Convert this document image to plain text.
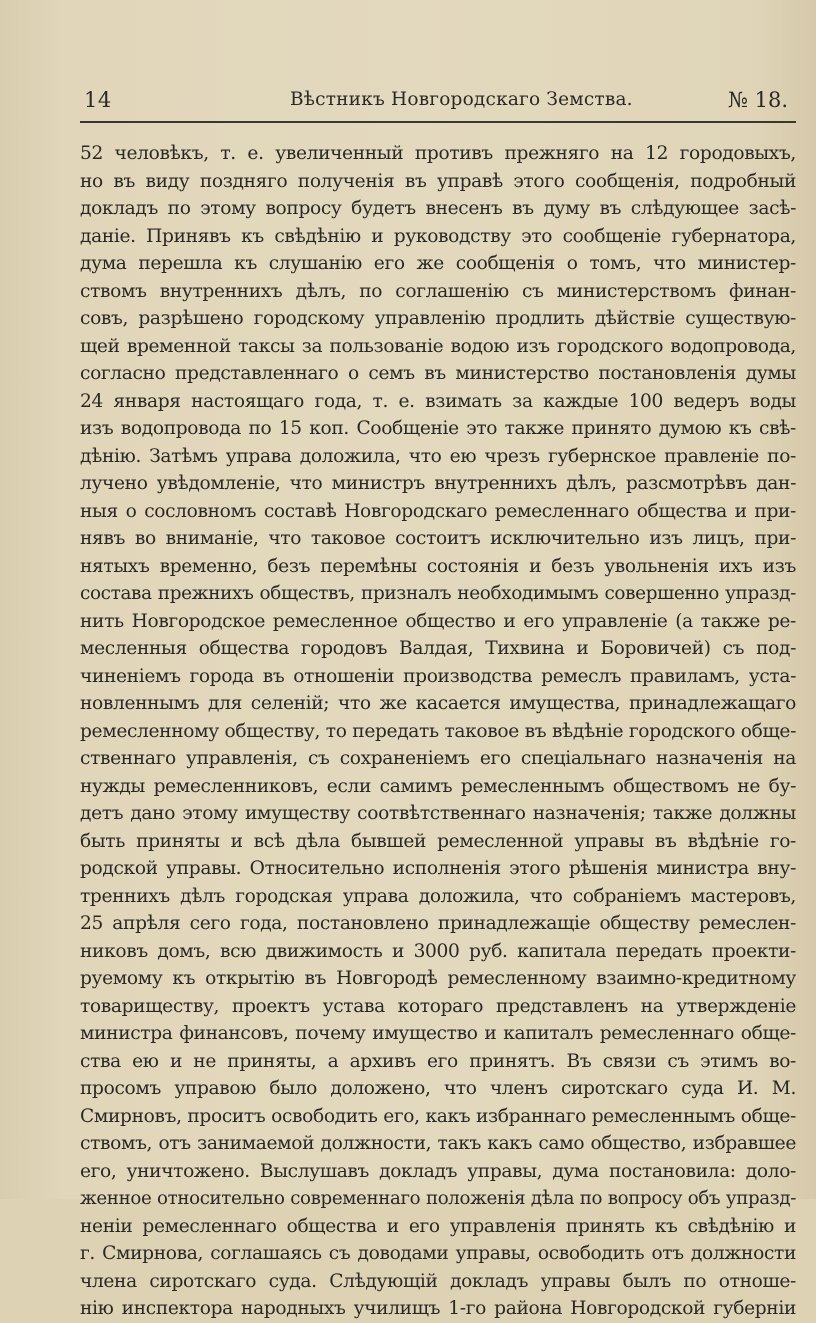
14	Вѣстникъ Новгородскаго Земства.	№ 18.
52 человѣкъ, т. е. увеличенный противъ прежняго на 12 городовыхъ,
но въ виду поздняго полученія въ управѣ этого сообщенія, подробный
докладъ по этому вопросу будетъ внесенъ въ думу въ слѣдующее засѣ-
даніе. Принявъ къ свѣдѣнію и руководству это сообщеніе губернатора,
дума перешла къ слушанію его же сообщенія о томъ, что министер-
ствомъ внутреннихъ дѣлъ, по соглашенію съ министерствомъ финан-
совъ, разрѣшено городскому управленію продлить дѣйствіе существую-
щей временной таксы за пользованіе водою изъ городского водопровода,
согласно представленнаго о семъ въ министерство постановленія думы
24 января настоящаго года, т. е. взимать за каждые 100 ведеръ воды
изъ водопровода по 15 коп. Сообщеніе это также принято думою къ свѣ-
дѣнію. Затѣмъ управа доложила, что ею чрезъ губернское правленіе по-
лучено увѣдомленіе, что министръ внутреннихъ дѣлъ, разсмотрѣвъ дан-
ныя о сословномъ составѣ Новгородскаго ремесленнаго общества и при-
нявъ во вниманіе, что таковое состоитъ исключительно изъ лицъ, при-
нятыхъ временно, безъ перемѣны состоянія и безъ увольненія ихъ изъ
состава прежнихъ обществъ, призналъ необходимымъ совершенно упразд-
нить Новгородское ремесленное общество и его управленіе (а также ре-
месленныя общества городовъ Валдая, Тихвина и Боровичей) съ под-
чиненіемъ города въ отношеніи производства ремеслъ правиламъ, уста-
новленнымъ для селеній; что же касается имущества, принадлежащаго
ремесленному обществу, то передать таковое въ вѣдѣніе городского обще-
ственнаго управленія, съ сохраненіемъ его спеціальнаго назначенія на
нужды ремесленниковъ, если самимъ ремесленнымъ обществомъ не бу-
детъ дано этому имуществу соотвѣтственнаго назначенія; также должны
быть приняты и всѣ дѣла бывшей ремесленной управы въ вѣдѣніе го-
родской управы. Относительно исполненія этого рѣшенія министра вну-
треннихъ дѣлъ городская управа доложила, что собраніемъ мастеровъ,
25 апрѣля сего года, постановлено принадлежащіе обществу ремеслен-
никовъ домъ, всю движимость и 3000 руб. капитала передать проекти-
руемому къ открытію въ Новгородѣ ремесленному взаимно-кредитному
товариществу, проектъ устава котораго представленъ на утвержденіе
министра финансовъ, почему имущество и капиталъ ремесленнаго обще-
ства ею и не приняты, а архивъ его принятъ. Въ связи съ этимъ во-
просомъ управою было доложено, что членъ сиротскаго суда И. М.
Смирновъ, проситъ освободить его, какъ избраннаго ремесленнымъ обще-
ствомъ, отъ занимаемой должности, такъ какъ само общество, избравшее
его, уничтожено. Выслушавъ докладъ управы, дума постановила: доло-
женное относительно современнаго положенія дѣла по вопросу объ упразд-
неніи ремесленнаго общества и его управленія принять къ свѣдѣнію и
г. Смирнова, соглашаясь съ доводами управы, освободить отъ должности
члена сиротскаго суда. Слѣдующій докладъ управы былъ по отноше-
нію инспектора народныхъ училищъ 1-го района Новгородской губерніи
